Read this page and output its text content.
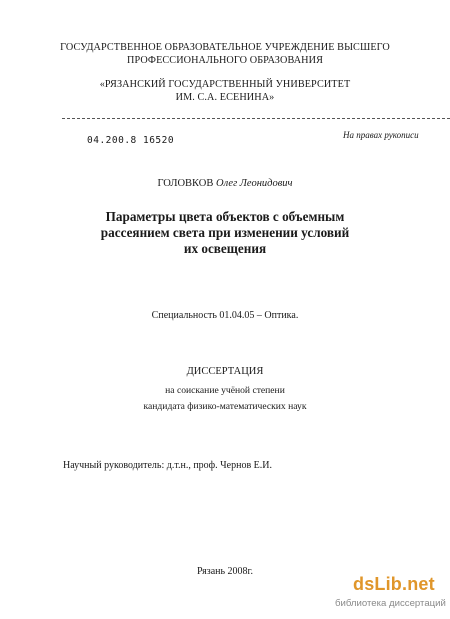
ГОСУДАРСТВЕННОЕ ОБРАЗОВАТЕЛЬНОЕ УЧРЕЖДЕНИЕ ВЫСШЕГО
ПРОФЕССИОНАЛЬНОГО ОБРАЗОВАНИЯ
«РЯЗАНСКИЙ ГОСУДАРСТВЕННЫЙ УНИВЕРСИТЕТ
ИМ. С.А. ЕСЕНИНА»
04.200.8 16520	На правах рукописи
ГОЛОВКОВ Олег Леонидович
Параметры цвета объектов с объемным
рассеянием света при изменении условий
их освещения
Специальность 01.04.05 – Оптика.
ДИССЕРТАЦИЯ
на соискание учёной степени
кандидата физико-математических наук
Научный руководитель: д.т.н., проф. Чернов Е.И.
Рязань 2008г.
dsLib.net
библиотека диссертаций
